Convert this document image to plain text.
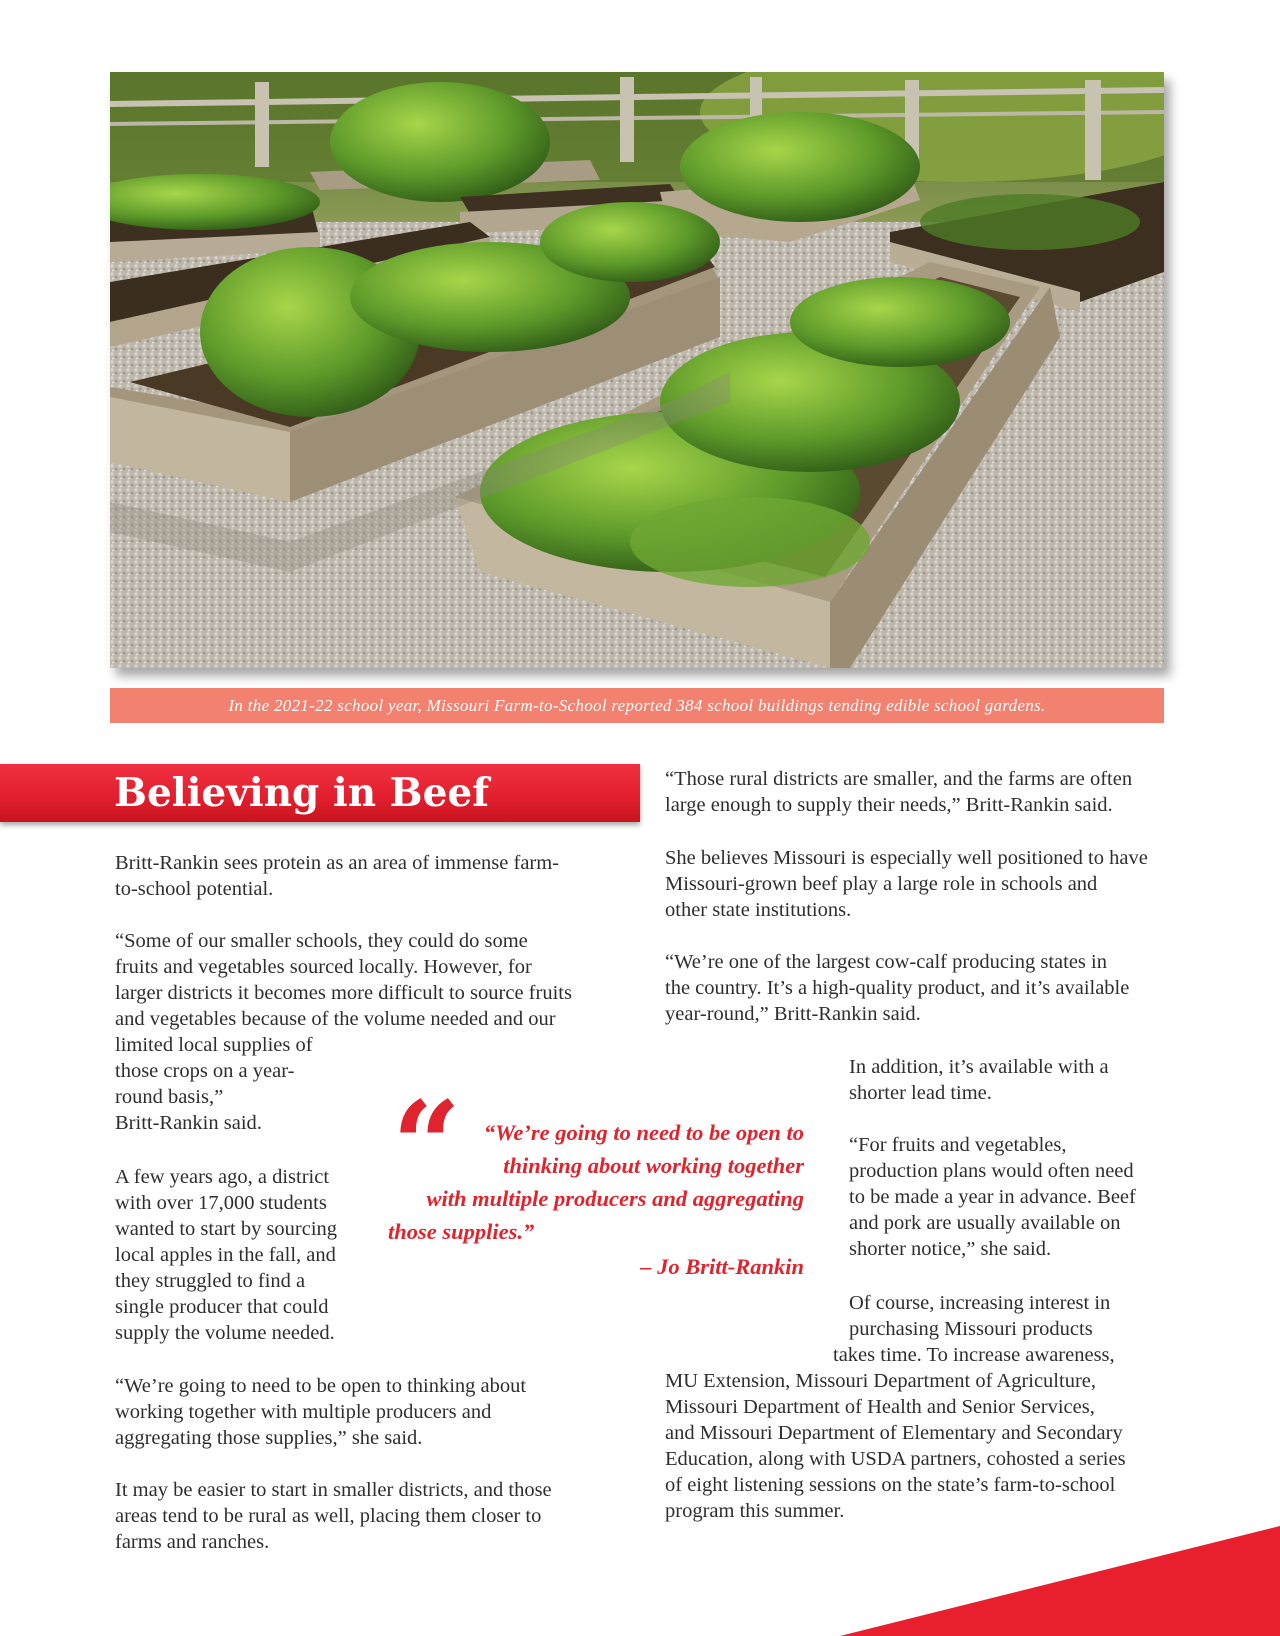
In the 2021-22 school year, Missouri Farm-to-School reported 384 school buildings tending edible school gardens.
Believing in Beef
Britt-Rankin sees protein as an area of immense farm-
to-school potential.
“Some of our smaller schools, they could do some
fruits and vegetables sourced locally. However, for
larger districts it becomes more difficult to source fruits
and vegetables because of the volume needed and our
limited local supplies of
those crops on a year-
round basis,”
Britt-Rankin said.
A few years ago, a district
with over 17,000 students
wanted to start by sourcing
local apples in the fall, and
they struggled to find a
single producer that could
supply the volume needed.
“We’re going to need to be open to thinking about
working together with multiple producers and
aggregating those supplies,” she said.
It may be easier to start in smaller districts, and those
areas tend to be rural as well, placing them closer to
farms and ranches.
“ “We’re going to need to be open to
thinking about working together
with multiple producers and aggregating
those supplies.”
– Jo Britt-Rankin
“Those rural districts are smaller, and the farms are often
large enough to supply their needs,” Britt-Rankin said.
She believes Missouri is especially well positioned to have
Missouri-grown beef play a large role in schools and
other state institutions.
“We’re one of the largest cow-calf producing states in
the country. It’s a high-quality product, and it’s available
year-round,” Britt-Rankin said.
In addition, it’s available with a
shorter lead time.
“For fruits and vegetables,
production plans would often need
to be made a year in advance. Beef
and pork are usually available on
shorter notice,” she said.
Of course, increasing interest in
purchasing Missouri products
takes time. To increase awareness,
MU Extension, Missouri Department of Agriculture,
Missouri Department of Health and Senior Services,
and Missouri Department of Elementary and Secondary
Education, along with USDA partners, cohosted a series
of eight listening sessions on the state’s farm-to-school
program this summer.
